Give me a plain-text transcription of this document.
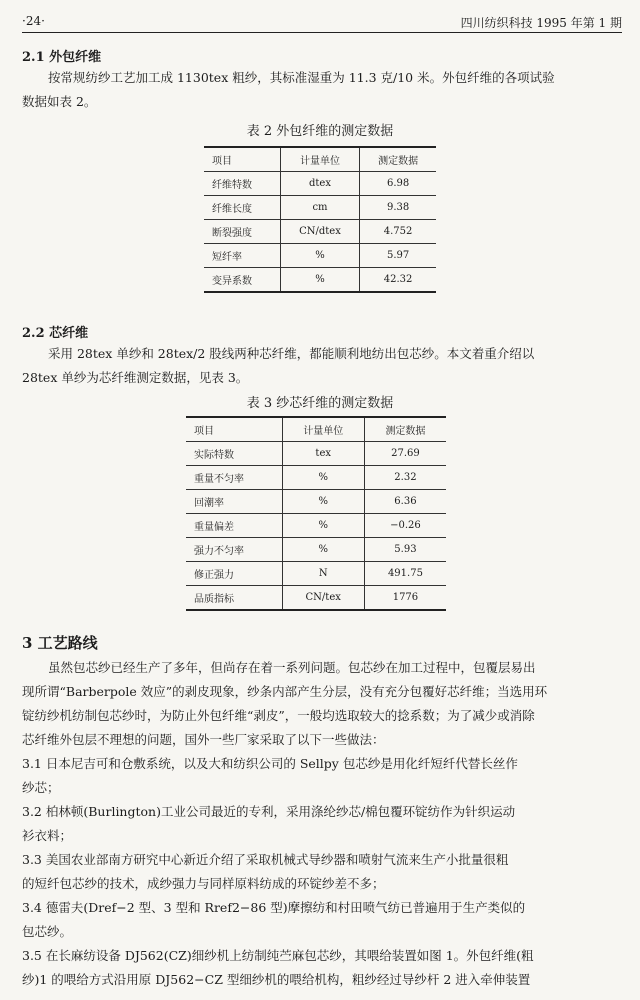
·24·	四川纺织科技 1995 年第 1 期
2.1 外包纤维
按常规纺纱工艺加工成 1130tex 粗纱，其标准湿重为 11.3 克/10 米。外包纤维的各项试验
数据如表 2。
表 2 外包纤维的测定数据
项目	计量单位	测定数据
纤维特数	dtex	6.98
纤维长度	cm	9.38
断裂强度	CN/dtex	4.752
短纤率	%	5.97
变异系数	%	42.32
2.2 芯纤维
采用 28tex 单纱和 28tex/2 股线两种芯纤维，都能顺利地纺出包芯纱。本文着重介绍以
28tex 单纱为芯纤维测定数据，见表 3。
表 3 纱芯纤维的测定数据
项目	计量单位	测定数据
实际特数	tex	27.69
重量不匀率	%	2.32
回潮率	%	6.36
重量偏差	%	−0.26
强力不匀率	%	5.93
修正强力	N	491.75
品质指标	CN/tex	1776
3 工艺路线
虽然包芯纱已经生产了多年，但尚存在着一系列问题。包芯纱在加工过程中，包覆层易出
现所谓“Barberpole 效应”的剥皮现象，纱条内部产生分层，没有充分包覆好芯纤维；当选用环
锭纺纱机纺制包芯纱时，为防止外包纤维“剥皮”，一般均选取较大的捻系数；为了减少或消除
芯纤维外包层不理想的问题，国外一些厂家采取了以下一些做法：
3.1 日本尼吉可和仓敷系统，以及大和纺织公司的 Sellpy 包芯纱是用化纤短纤代替长丝作
纱芯；
3.2 柏林顿(Burlington)工业公司最近的专利，采用涤纶纱芯/棉包覆环锭纺作为针织运动
衫衣料；
3.3 美国农业部南方研究中心新近介绍了采取机械式导纱器和喷射气流来生产小批量很粗
的短纤包芯纱的技术，成纱强力与同样原料纺成的环锭纱差不多；
3.4 德雷夫(Dref−2 型、3 型和 Rref2−86 型)摩擦纺和村田喷气纺已普遍用于生产类似的
包芯纱。
3.5 在长麻纺设备 DJ562(CZ)细纱机上纺制纯苎麻包芯纱，其喂给装置如图 1。外包纤维(粗
纱)1 的喂给方式沿用原 DJ562−CZ 型细纱机的喂给机构，粗纱经过导纱杆 2 进入牵伸装置
